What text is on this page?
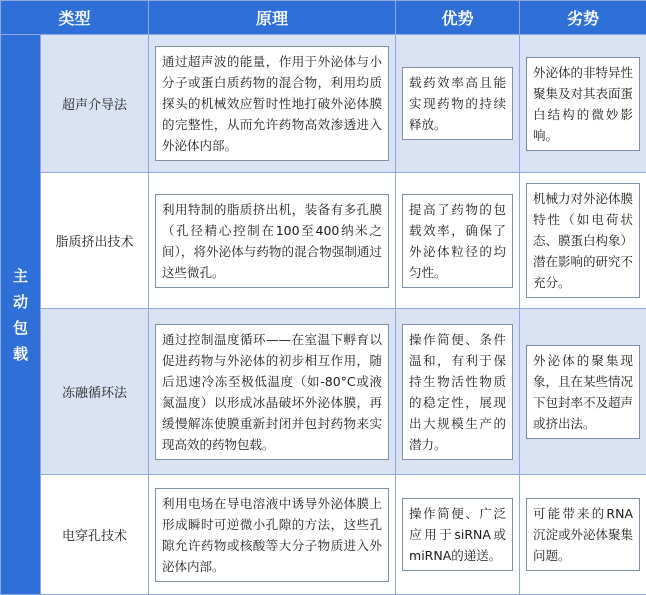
类型		原理	优势	劣势
主动包载	超声介导法	通过超声波的能量，作用于外泌体与小分子或蛋白质药物的混合物，利用均质探头的机械效应暂时性地打破外泌体膜的完整性，从而允许药物高效渗透进入外泌体内部。	载药效率高且能实现药物的持续释放。	外泌体的非特异性聚集及对其表面蛋白结构的微妙影响。

	脂质挤出技术	利用特制的脂质挤出机，装备有多孔膜（孔径精心控制在100至400纳米之间），将外泌体与药物的混合物强制通过这些微孔。	提高了药物的包载效率，确保了外泌体粒径的均匀性。	机械力对外泌体膜特性（如电荷状态、膜蛋白构象）潜在影响的研究不充分。

	冻融循环法	通过控制温度循环——在室温下孵育以促进药物与外泌体的初步相互作用，随后迅速冷冻至极低温度（如-80°C或液氮温度）以形成冰晶破坏外泌体膜，再缓慢解冻使膜重新封闭并包封药物来实现高效的药物包载。	操作简便、条件温和，有利于保持生物活性物质的稳定性，展现出大规模生产的潜力。	外泌体的聚集现象，且在某些情况下包封率不及超声或挤出法。

	电穿孔技术	利用电场在导电溶液中诱导外泌体膜上形成瞬时可逆微小孔隙的方法，这些孔隙允许药物或核酸等大分子物质进入外泌体内部。	操作简便、广泛应用于siRNA或miRNA的递送。	可能带来的RNA沉淀或外泌体聚集问题。
